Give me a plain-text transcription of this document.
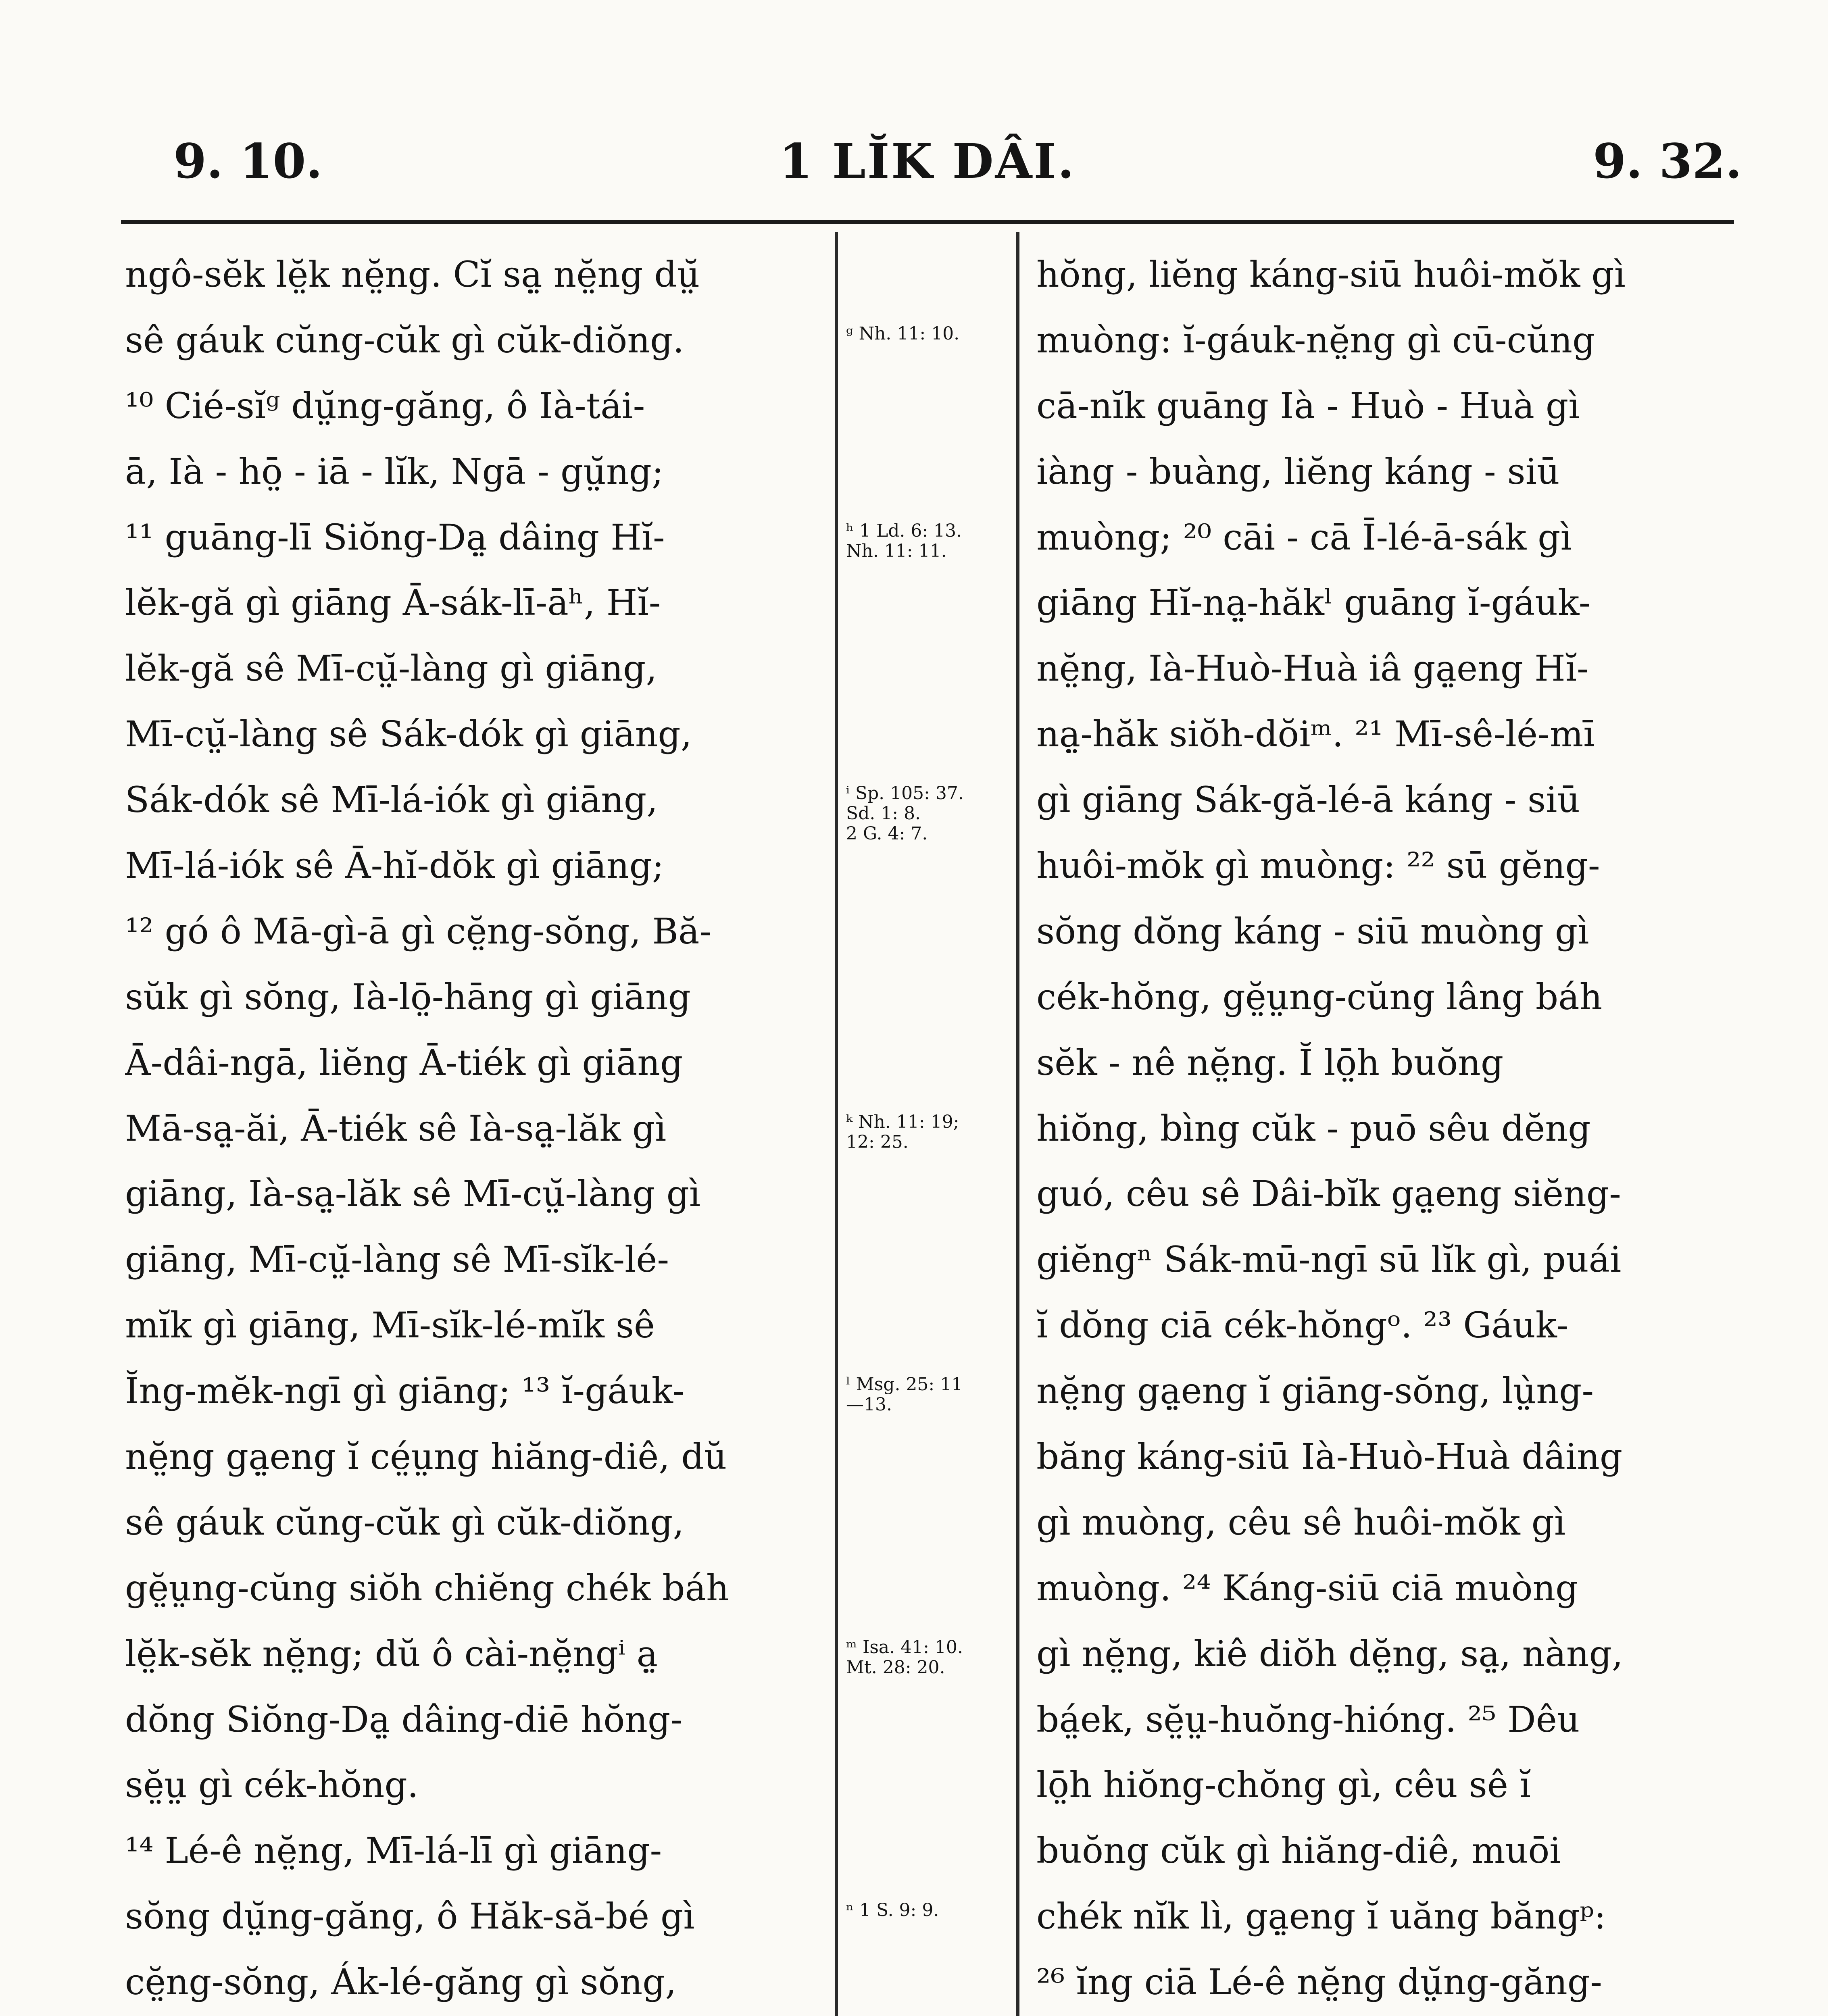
9. 10.	1 LĬK DÂI.	9. 32.
ngô-sĕk lĕ̤k nĕ̤ng. Cĭ sạ̤ nĕ̤ng dṳ̆
sê gáuk cŭng-cŭk gì cŭk-diŏng.
¹⁰ Cié-sĭᵍ dṳ̆ng-găng, ô Ià-tái-
ā, Ià - hō̤ - iā - lĭk, Ngā - gṳ̆ng;
¹¹ guāng-lī Siŏng-Dạ̤ dâing Hĭ-
lĕk-gă gì giāng Ā-sák-lī-āʰ, Hĭ-
lĕk-gă sê Mī-cṳ̆-làng gì giāng,
Mī-cṳ̆-làng sê Sák-dók gì giāng,
Sák-dók sê Mī-lá-iók gì giāng,
Mī-lá-iók sê Ā-hĭ-dŏk gì giāng;
¹² gó ô Mā-gì-ā gì cĕ̤ng-sŏng, Bă-
sŭk gì sŏng, Ià-lō̤-hāng gì giāng
Ā-dâi-ngā, liĕng Ā-tiék gì giāng
Mā-sạ̤-ăi, Ā-tiék sê Ià-sạ̤-lăk gì
giāng, Ià-sạ̤-lăk sê Mī-cṳ̆-làng gì
giāng, Mī-cṳ̆-làng sê Mī-sĭk-lé-
mĭk gì giāng, Mī-sĭk-lé-mĭk sê
Ĭng-mĕk-ngī gì giāng; ¹³ ĭ-gáuk-
nĕ̤ng gạ̤eng ĭ cé̤ṳng hiăng-diê, dŭ
sê gáuk cŭng-cŭk gì cŭk-diŏng,
gĕ̤ṳng-cŭng siŏh chiĕng chék báh
lĕ̤k-sĕk nĕ̤ng; dŭ ô cài-nĕ̤ngⁱ ạ̤
dŏng Siŏng-Dạ̤ dâing-diē hŏng-
sĕ̤ṳ gì cék-hŏng.
¹⁴ Lé-ê nĕ̤ng, Mī-lá-lī gì giāng-
sŏng dṳ̆ng-găng, ô Hăk-să-bé gì
cĕ̤ng-sŏng, Ák-lé-găng gì sŏng,
ᵍ Nh. 11: 10.
ʰ 1 Ld. 6: 13.
Nh. 11: 11.
ⁱ Sp. 105: 37.
Sd. 1: 8.
2 G. 4: 7.
ᵏ Nh. 11: 19;
12: 25.
ˡ Msg. 25: 11
—13.
ᵐ Isa. 41: 10.
Mt. 28: 20.
ⁿ 1 S. 9: 9.
hŏng, liĕng káng-siū huôi-mŏk gì
muòng: ĭ-gáuk-nĕ̤ng gì cū-cŭng
cā-nĭk guāng Ià - Huò - Huà gì
iàng - buàng, liĕng káng - siū
muòng; ²⁰ cāi - cā Ī-lé-ā-sák gì
giāng Hĭ-nạ̤-hăkˡ guāng ĭ-gáuk-
nĕ̤ng, Ià-Huò-Huà iâ gạ̤eng Hĭ-
nạ̤-hăk siŏh-dŏiᵐ. ²¹ Mī-sê-lé-mī
gì giāng Sák-gă-lé-ā káng - siū
huôi-mŏk gì muòng: ²² sū gĕng-
sŏng dŏng káng - siū muòng gì
cék-hŏng, gĕ̤ṳng-cŭng lâng báh
sĕk - nê nĕ̤ng. Ĭ lō̤h buŏng
hiŏng, bìng cŭk - puō sêu dĕng
guó, cêu sê Dâi-bĭk gạ̤eng siĕng-
giĕngⁿ Sák-mū-ngī sū lĭk gì, puái
ĭ dŏng ciā cék-hŏngᵒ. ²³ Gáuk-
nĕ̤ng gạ̤eng ĭ giāng-sŏng, lṳ̀ng-
băng káng-siū Ià-Huò-Huà dâing
gì muòng, cêu sê huôi-mŏk gì
muòng. ²⁴ Káng-siū ciā muòng
gì nĕ̤ng, kiê diŏh dĕ̤ng, sạ̤, nàng,
bá̤ek, sĕ̤ṳ-huŏng-hióng. ²⁵ Dêu
lō̤h hiŏng-chŏng gì, cêu sê ĭ
buŏng cŭk gì hiăng-diê, muōi
chék nĭk lì, gạ̤eng ĭ uăng băngᵖ:
²⁶ ĭng ciā Lé-ê nĕ̤ng dṳ̆ng-găng-
